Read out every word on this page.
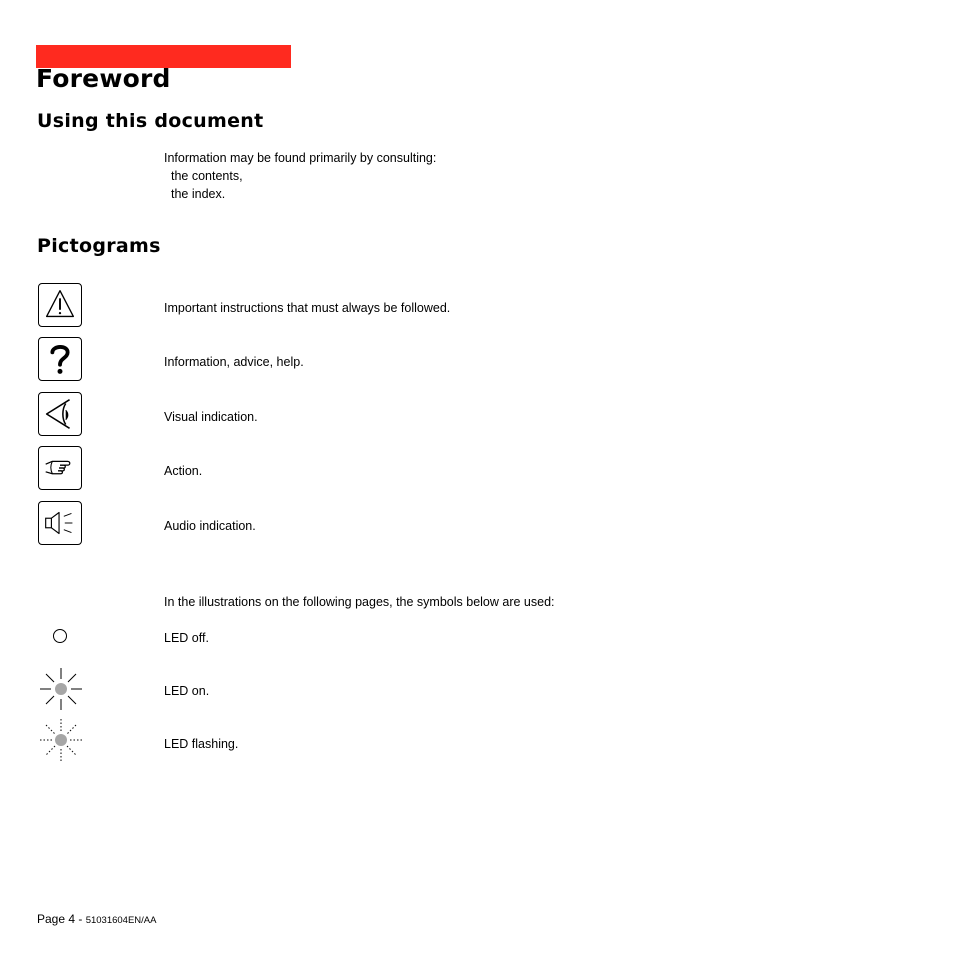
Foreword
Using this document
Information may be found primarily by consulting:
the contents,
the index.
Pictograms
Important instructions that must always be followed.
Information, advice, help.
Visual indication.
Action.
Audio indication.
In the illustrations on the following pages, the symbols below are used:
LED off.
LED on.
LED flashing.
Page 4 - 51031604EN/AA
